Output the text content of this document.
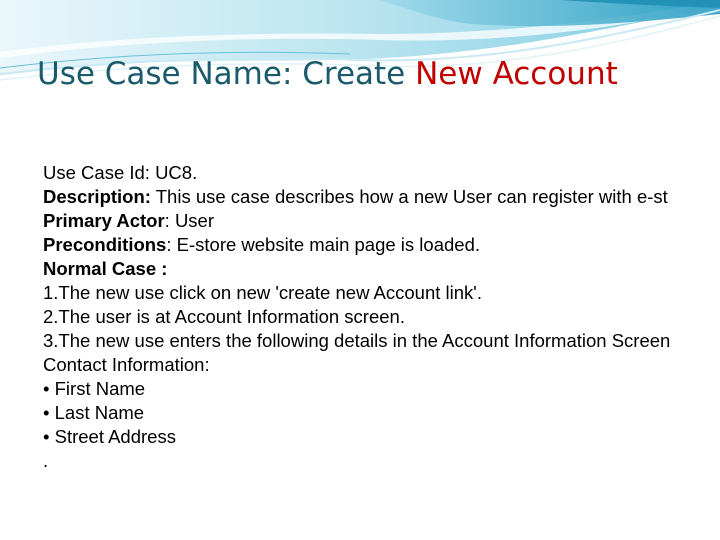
Use Case Name: Create New Account
Use Case Id: UC8.
Description: This use case describes how a new User can register with e-st
Primary Actor: User
Preconditions: E-store website main page is loaded.
Normal Case :
1.The new use click on new 'create new Account link'.
2.The user is at Account Information screen.
3.The new use enters the following details in the Account Information Screen
Contact Information:
• First Name
• Last Name
• Street Address
.
